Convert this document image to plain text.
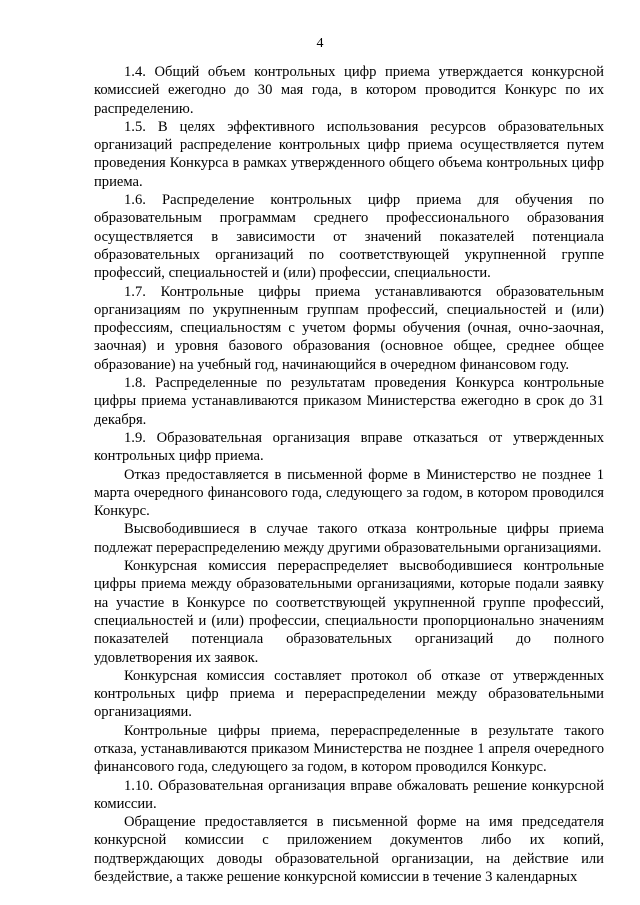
4

1.4. Общий объем контрольных цифр приема утверждается конкурсной комиссией ежегодно до 30 мая года, в котором проводится Конкурс по их распределению.

1.5. В целях эффективного использования ресурсов образовательных организаций распределение контрольных цифр приема осуществляется путем проведения Конкурса в рамках утвержденного общего объема контрольных цифр приема.

1.6. Распределение контрольных цифр приема для обучения по образовательным программам среднего профессионального образования осуществляется в зависимости от значений показателей потенциала образовательных организаций по соответствующей укрупненной группе профессий, специальностей и (или) профессии, специальности.

1.7. Контрольные цифры приема устанавливаются образовательным организациям по укрупненным группам профессий, специальностей и (или) профессиям, специальностям с учетом формы обучения (очная, очно-заочная, заочная) и уровня базового образования (основное общее, среднее общее образование) на учебный год, начинающийся в очередном финансовом году.

1.8. Распределенные по результатам проведения Конкурса контрольные цифры приема устанавливаются приказом Министерства ежегодно в срок до 31 декабря.

1.9. Образовательная организация вправе отказаться от утвержденных контрольных цифр приема.

Отказ предоставляется в письменной форме в Министерство не позднее 1 марта очередного финансового года, следующего за годом, в котором проводился Конкурс.

Высвободившиеся в случае такого отказа контрольные цифры приема подлежат перераспределению между другими образовательными организациями.

Конкурсная комиссия перераспределяет высвободившиеся контрольные цифры приема между образовательными организациями, которые подали заявку на участие в Конкурсе по соответствующей укрупненной группе профессий, специальностей и (или) профессии, специальности пропорционально значениям показателей потенциала образовательных организаций до полного удовлетворения их заявок.

Конкурсная комиссия составляет протокол об отказе от утвержденных контрольных цифр приема и перераспределении между образовательными организациями.

Контрольные цифры приема, перераспределенные в результате такого отказа, устанавливаются приказом Министерства не позднее 1 апреля очередного финансового года, следующего за годом, в котором проводился Конкурс.

1.10. Образовательная организация вправе обжаловать решение конкурсной комиссии.

Обращение предоставляется в письменной форме на имя председателя конкурсной комиссии с приложением документов либо их копий, подтверждающих доводы образовательной организации, на действие или бездействие, а также решение конкурсной комиссии в течение 3 календарных
